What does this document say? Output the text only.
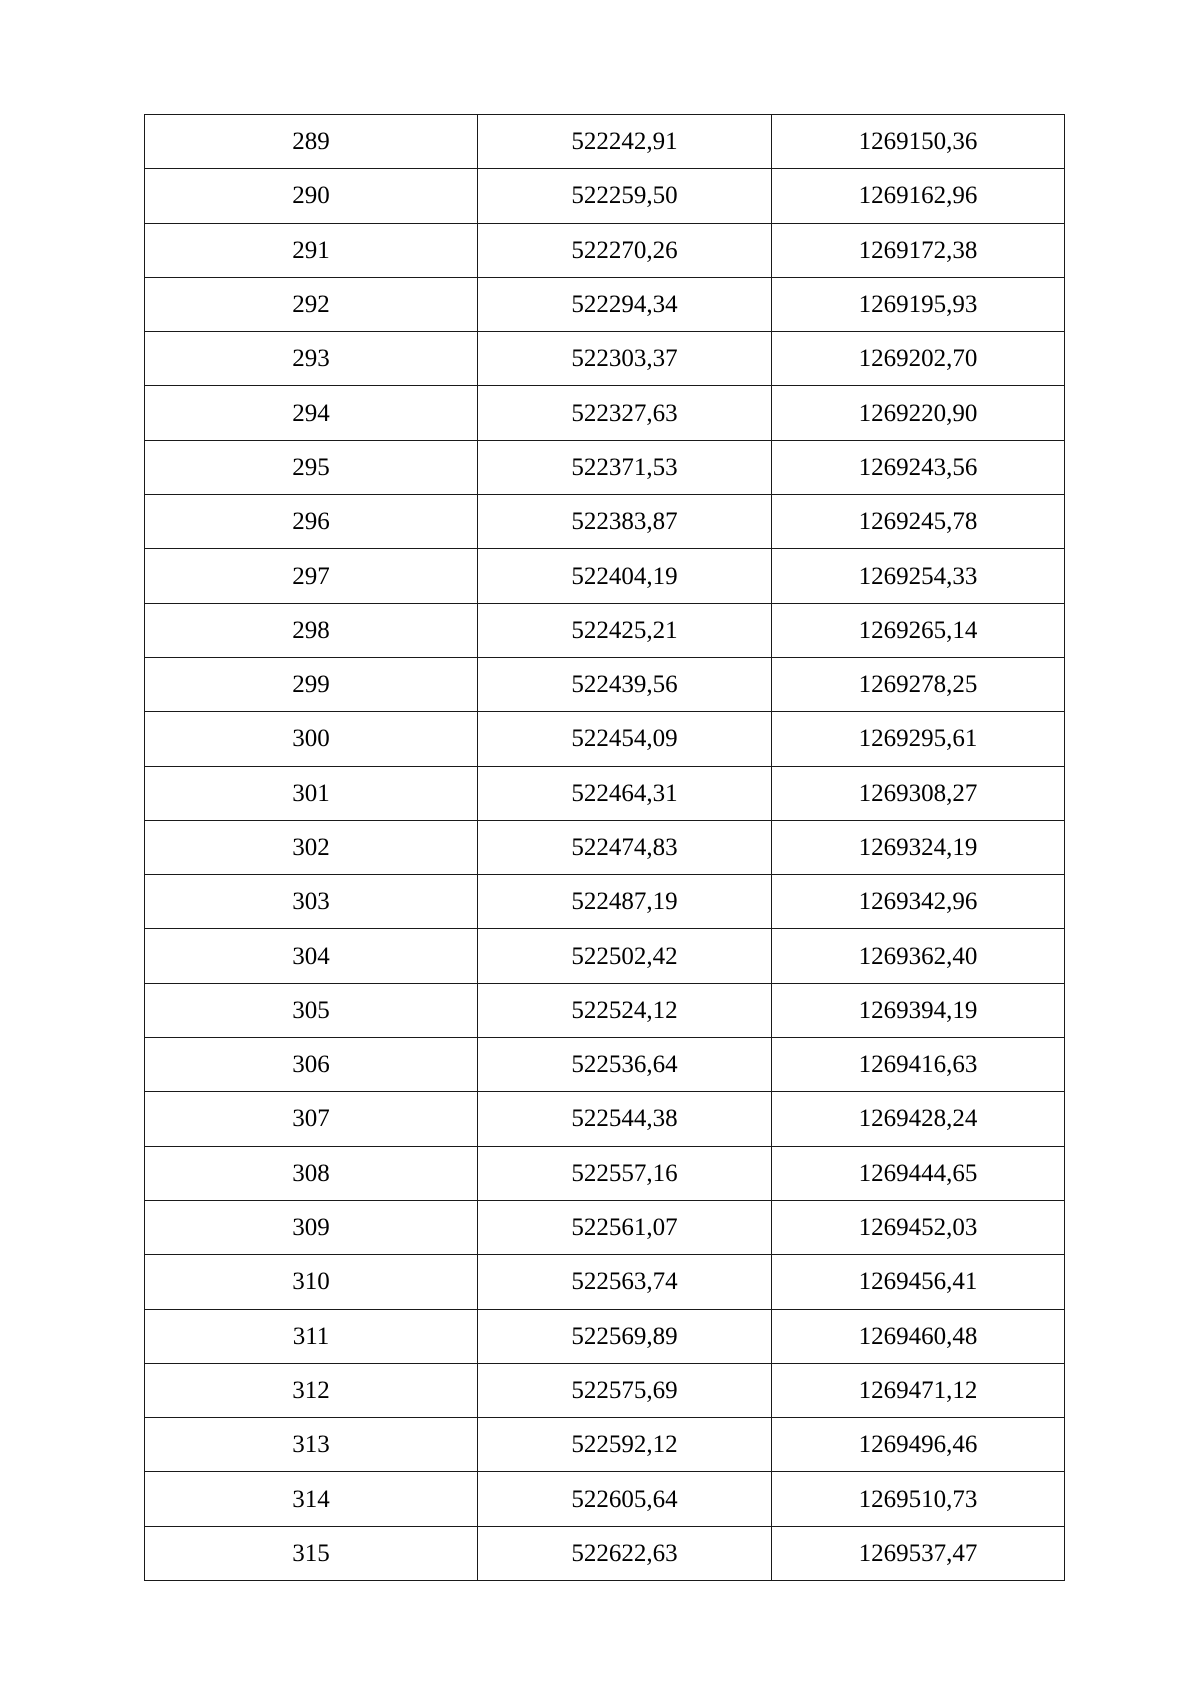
289	522242,91	1269150,36
290	522259,50	1269162,96
291	522270,26	1269172,38
292	522294,34	1269195,93
293	522303,37	1269202,70
294	522327,63	1269220,90
295	522371,53	1269243,56
296	522383,87	1269245,78
297	522404,19	1269254,33
298	522425,21	1269265,14
299	522439,56	1269278,25
300	522454,09	1269295,61
301	522464,31	1269308,27
302	522474,83	1269324,19
303	522487,19	1269342,96
304	522502,42	1269362,40
305	522524,12	1269394,19
306	522536,64	1269416,63
307	522544,38	1269428,24
308	522557,16	1269444,65
309	522561,07	1269452,03
310	522563,74	1269456,41
311	522569,89	1269460,48
312	522575,69	1269471,12
313	522592,12	1269496,46
314	522605,64	1269510,73
315	522622,63	1269537,47
